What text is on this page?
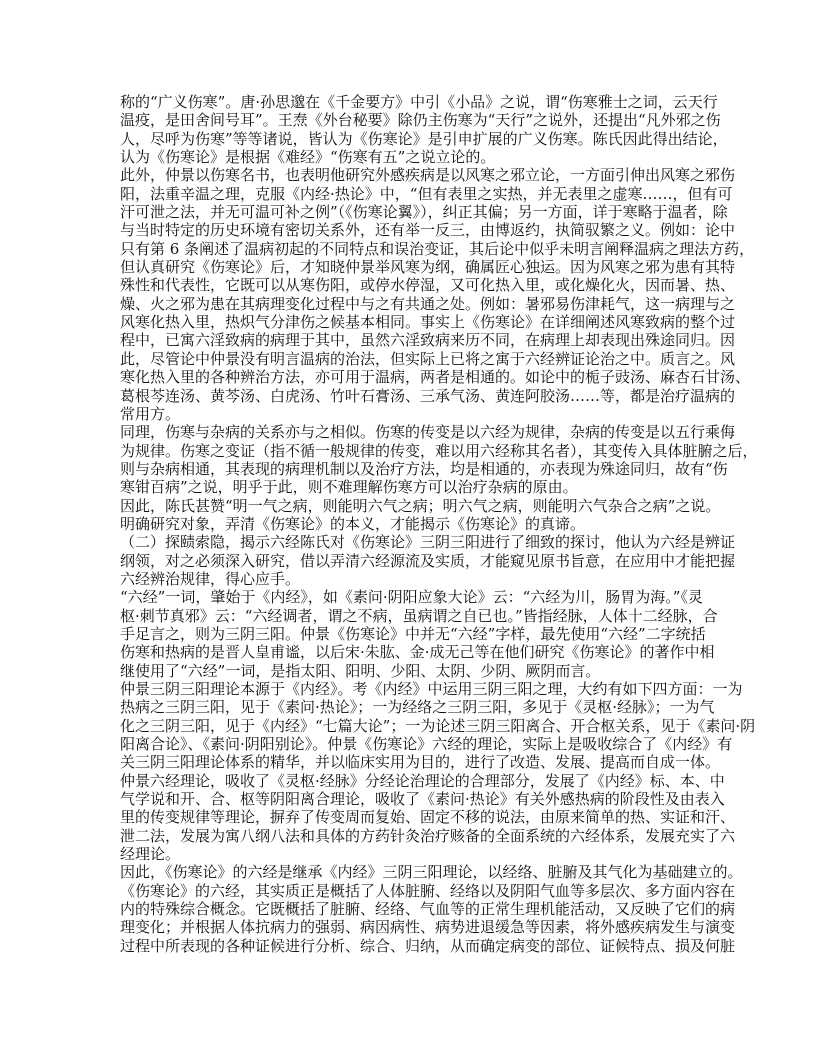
称的“广义伤寒”。唐·孙思邈在《千金要方》中引《小品》之说，谓“伤寒雅士之词，云天行
温疫，是田舍间号耳”。王焘《外台秘要》除仍主伤寒为“天行”之说外，还提出“凡外邪之伤
人，尽呼为伤寒”等等诸说，皆认为《伤寒论》是引申扩展的广义伤寒。陈氏因此得出结论，
认为《伤寒论》是根据《难经》“伤寒有五”之说立论的。
此外，仲景以伤寒名书，也表明他研究外感疾病是以风寒之邪立论，一方面引伸出风寒之邪伤
阳，法重辛温之理，克服《内经·热论》中，“但有表里之实热，并无表里之虚寒……，但有可
汗可泄之法，并无可温可补之例”（《伤寒论翼》），纠正其偏；另一方面，详于寒略于温者，除
与当时特定的历史环境有密切关系外，还有举一反三，由博返约，执简驭繁之义。例如：论中
只有第 6 条阐述了温病初起的不同特点和误治变证，其后论中似乎未明言阐释温病之理法方药，
但认真研究《伤寒论》后，才知晓仲景举风寒为纲，确属匠心独运。因为风寒之邪为患有其特
殊性和代表性，它既可以从寒伤阳，或停水停湿，又可化热入里，或化燥化火，因而暑、热、
燥、火之邪为患在其病理变化过程中与之有共通之处。例如：暑邪易伤津耗气，这一病理与之
风寒化热入里，热炽气分津伤之候基本相同。事实上《伤寒论》在详细阐述风寒致病的整个过
程中，已寓六淫致病的病理于其中，虽然六淫致病来历不同，在病理上却表现出殊途同归。因
此，尽管论中仲景没有明言温病的治法，但实际上已将之寓于六经辨证论治之中。质言之。风
寒化热入里的各种辨治方法，亦可用于温病，两者是相通的。如论中的栀子豉汤、麻杏石甘汤、
葛根芩连汤、黄芩汤、白虎汤、竹叶石膏汤、三承气汤、黄连阿胶汤……等，都是治疗温病的
常用方。
同理，伤寒与杂病的关系亦与之相似。伤寒的传变是以六经为规律，杂病的传变是以五行乘侮
为规律。伤寒之变证（指不循一般规律的传变，难以用六经称其名者），其变传入具体脏腑之后，
则与杂病相通，其表现的病理机制以及治疗方法，均是相通的，亦表现为殊途同归，故有“伤
寒钳百病”之说，明乎于此，则不难理解伤寒方可以治疗杂病的原由。
因此，陈氏甚赞“明一气之病，则能明六气之病；明六气之病，则能明六气杂合之病”之说。
明确研究对象，弄清《伤寒论》的本义，才能揭示《伤寒论》的真谛。
（二）探赜索隐，揭示六经陈氏对《伤寒论》三阴三阳进行了细致的探讨，他认为六经是辨证
纲领，对之必须深入研究，借以弄清六经源流及实质，才能窥见原书旨意，在应用中才能把握
六经辨治规律，得心应手。
“六经”一词，肇始于《内经》，如《素问·阴阳应象大论》云：“六经为川，肠胃为海。”《灵
枢·刺节真邪》云：“六经调者，谓之不病，虽病谓之自已也。”皆指经脉，人体十二经脉，合
手足言之，则为三阴三阳。仲景《伤寒论》中并无“六经”字样，最先使用“六经”二字统括
伤寒和热病的是晋人皇甫谧，以后宋·朱肱、金·成无己等在他们研究《伤寒论》的著作中相
继使用了“六经”一词，是指太阳、阳明、少阳、太阴、少阴、厥阴而言。
仲景三阴三阳理论本源于《内经》。考《内经》中运用三阴三阳之理，大约有如下四方面：一为
热病之三阴三阳，见于《素问·热论》；一为经络之三阴三阳，多见于《灵枢·经脉》；一为气
化之三阴三阳，见于《内经》“七篇大论”；一为论述三阴三阳离合、开合枢关系，见于《素问·阴
阳离合论》、《素问·阴阳别论》。仲景《伤寒论》六经的理论，实际上是吸收综合了《内经》有
关三阴三阳理论体系的精华，并以临床实用为目的，进行了改造、发展、提高而自成一体。
仲景六经理论，吸收了《灵枢·经脉》分经论治理论的合理部分，发展了《内经》标、本、中
气学说和开、合、枢等阴阳离合理论，吸收了《素问·热论》有关外感热病的阶段性及由表入
里的传变规律等理论，摒弃了传变周而复始、固定不移的说法，由原来简单的热、实证和汗、
泄二法，发展为寓八纲八法和具体的方药针灸治疗赅备的全面系统的六经体系，发展充实了六
经理论。
因此，《伤寒论》的六经是继承《内经》三阴三阳理论，以经络、脏腑及其气化为基础建立的。
《伤寒论》的六经，其实质正是概括了人体脏腑、经络以及阴阳气血等多层次、多方面内容在
内的特殊综合概念。它既概括了脏腑、经络、气血等的正常生理机能活动，又反映了它们的病
理变化；并根据人体抗病力的强弱、病因病性、病势进退缓急等因素，将外感疾病发生与演变
过程中所表现的各种证候进行分析、综合、归纳，从而确定病变的部位、证候特点、损及何脏
